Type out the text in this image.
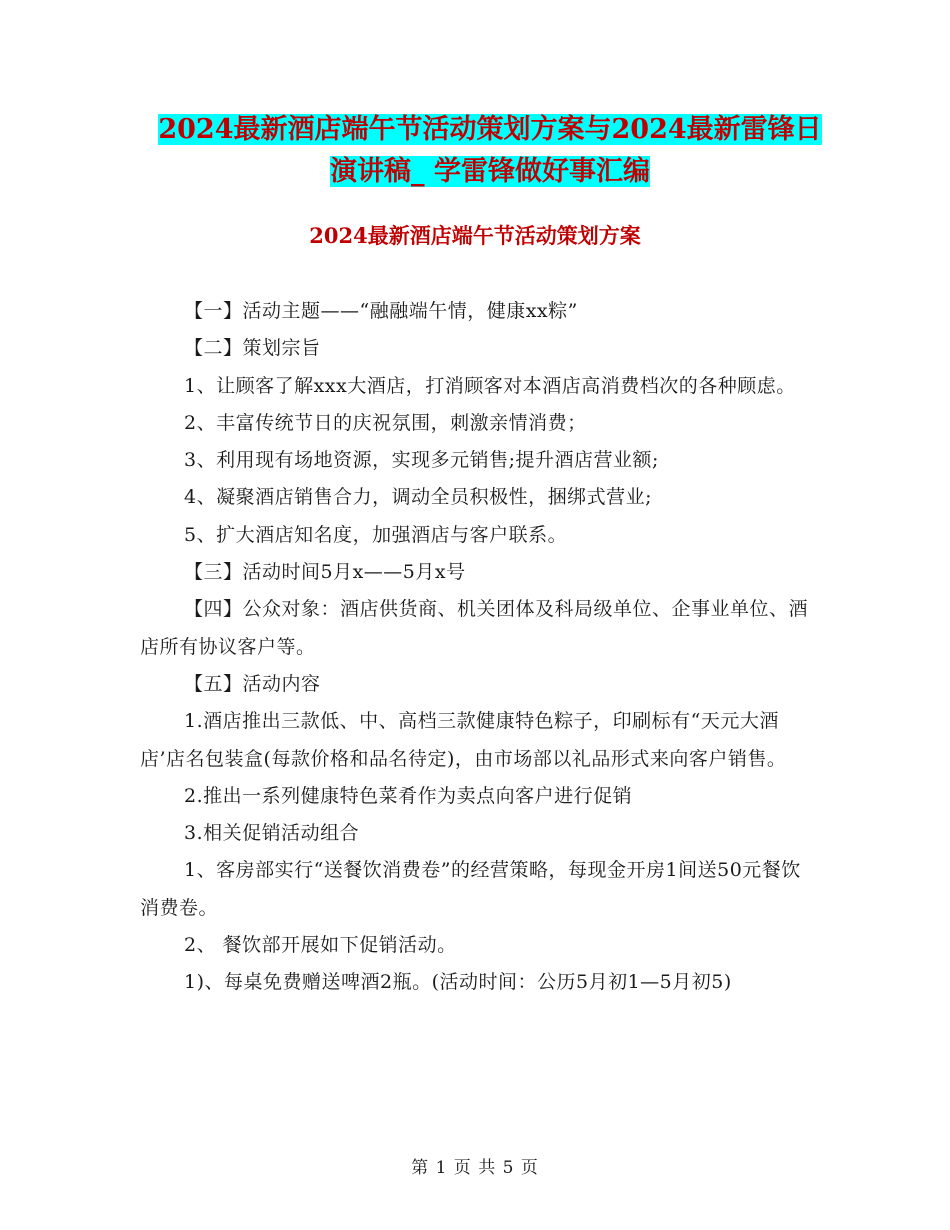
2024最新酒店端午节活动策划方案与2024最新雷锋日
演讲稿_ 学雷锋做好事汇编
2024最新酒店端午节活动策划方案

【一】活动主题——“融融端午情，健康xx粽”

【二】策划宗旨

1、让顾客了解xxx大酒店，打消顾客对本酒店高消费档次的各种顾虑。

2、丰富传统节日的庆祝氛围，刺激亲情消费；

3、利用现有场地资源，实现多元销售;提升酒店营业额;

4、凝聚酒店销售合力，调动全员积极性，捆绑式营业;

5、扩大酒店知名度，加强酒店与客户联系。

【三】活动时间5月x——5月x号

【四】公众对象：酒店供货商、机关团体及科局级单位、企事业单位、酒店所有协议客户等。

【五】活动内容

1.酒店推出三款低、中、高档三款健康特色粽子，印刷标有“天元大酒店’店名包装盒(每款价格和品名待定)，由市场部以礼品形式来向客户销售。

2.推出一系列健康特色菜肴作为卖点向客户进行促销

3.相关促销活动组合

1、客房部实行“送餐饮消费卷”的经营策略，每现金开房1间送50元餐饮消费卷。

2、 餐饮部开展如下促销活动。

1)、每桌免费赠送啤酒2瓶。(活动时间：公历5月初1—5月初5)

第 1 页 共 5 页
